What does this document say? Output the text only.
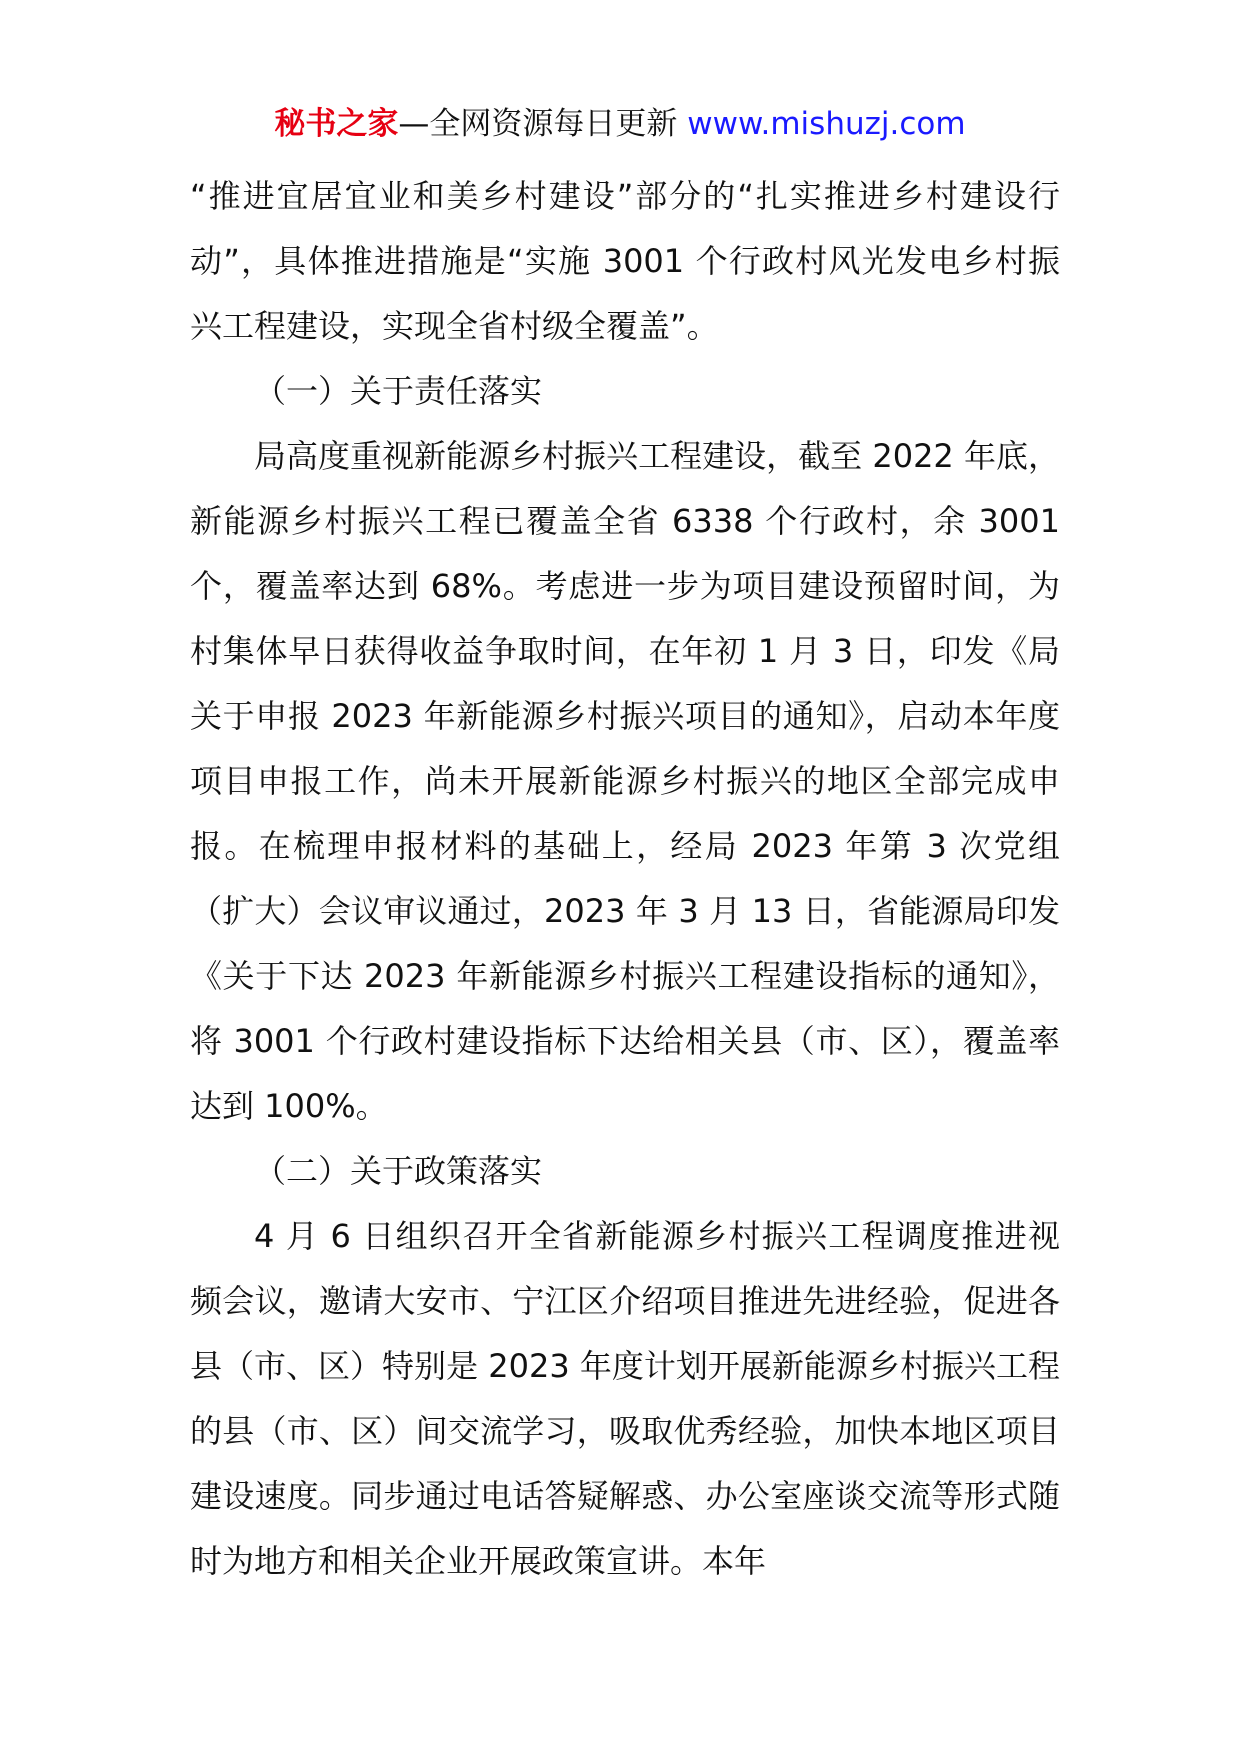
秘书之家—全网资源每日更新 www.mishuzj.com

“推进宜居宜业和美乡村建设”部分的“扎实推进乡村建设行动”，具体推进措施是“实施 3001 个行政村风光发电乡村振兴工程建设，实现全省村级全覆盖”。

（一）关于责任落实

局高度重视新能源乡村振兴工程建设，截至 2022 年底，新能源乡村振兴工程已覆盖全省 6338 个行政村，余 3001 个，覆盖率达到 68%。考虑进一步为项目建设预留时间，为村集体早日获得收益争取时间，在年初 1 月 3 日，印发《局关于申报 2023 年新能源乡村振兴项目的通知》，启动本年度项目申报工作，尚未开展新能源乡村振兴的地区全部完成申报。在梳理申报材料的基础上，经局 2023 年第 3 次党组（扩大）会议审议通过，2023 年 3 月 13 日，省能源局印发《关于下达 2023 年新能源乡村振兴工程建设指标的通知》，将 3001 个行政村建设指标下达给相关县（市、区），覆盖率达到 100%。

（二）关于政策落实

4 月 6 日组织召开全省新能源乡村振兴工程调度推进视频会议，邀请大安市、宁江区介绍项目推进先进经验，促进各县（市、区）特别是 2023 年度计划开展新能源乡村振兴工程的县（市、区）间交流学习，吸取优秀经验，加快本地区项目建设速度。同步通过电话答疑解惑、办公室座谈交流等形式随时为地方和相关企业开展政策宣讲。本年
